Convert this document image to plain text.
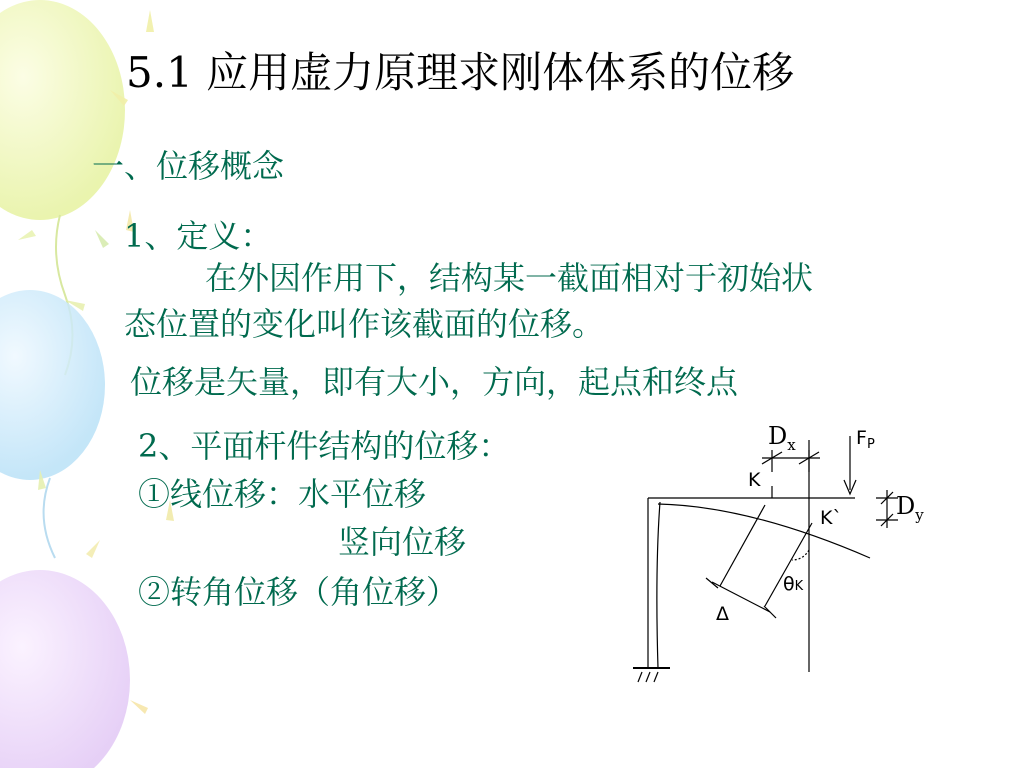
5.1 应用虚力原理求刚体体系的位移
一、位移概念
1、定义：
在外因作用下，结构某一截面相对于初始状
态位置的变化叫作该截面的位移。
位移是矢量，即有大小，方向，起点和终点
2、平面杆件结构的位移：
①线位移：水平位移
竖向位移
②转角位移（角位移）
$D_x$	$F_P$
K
K` $D_y$
θK
Δ
